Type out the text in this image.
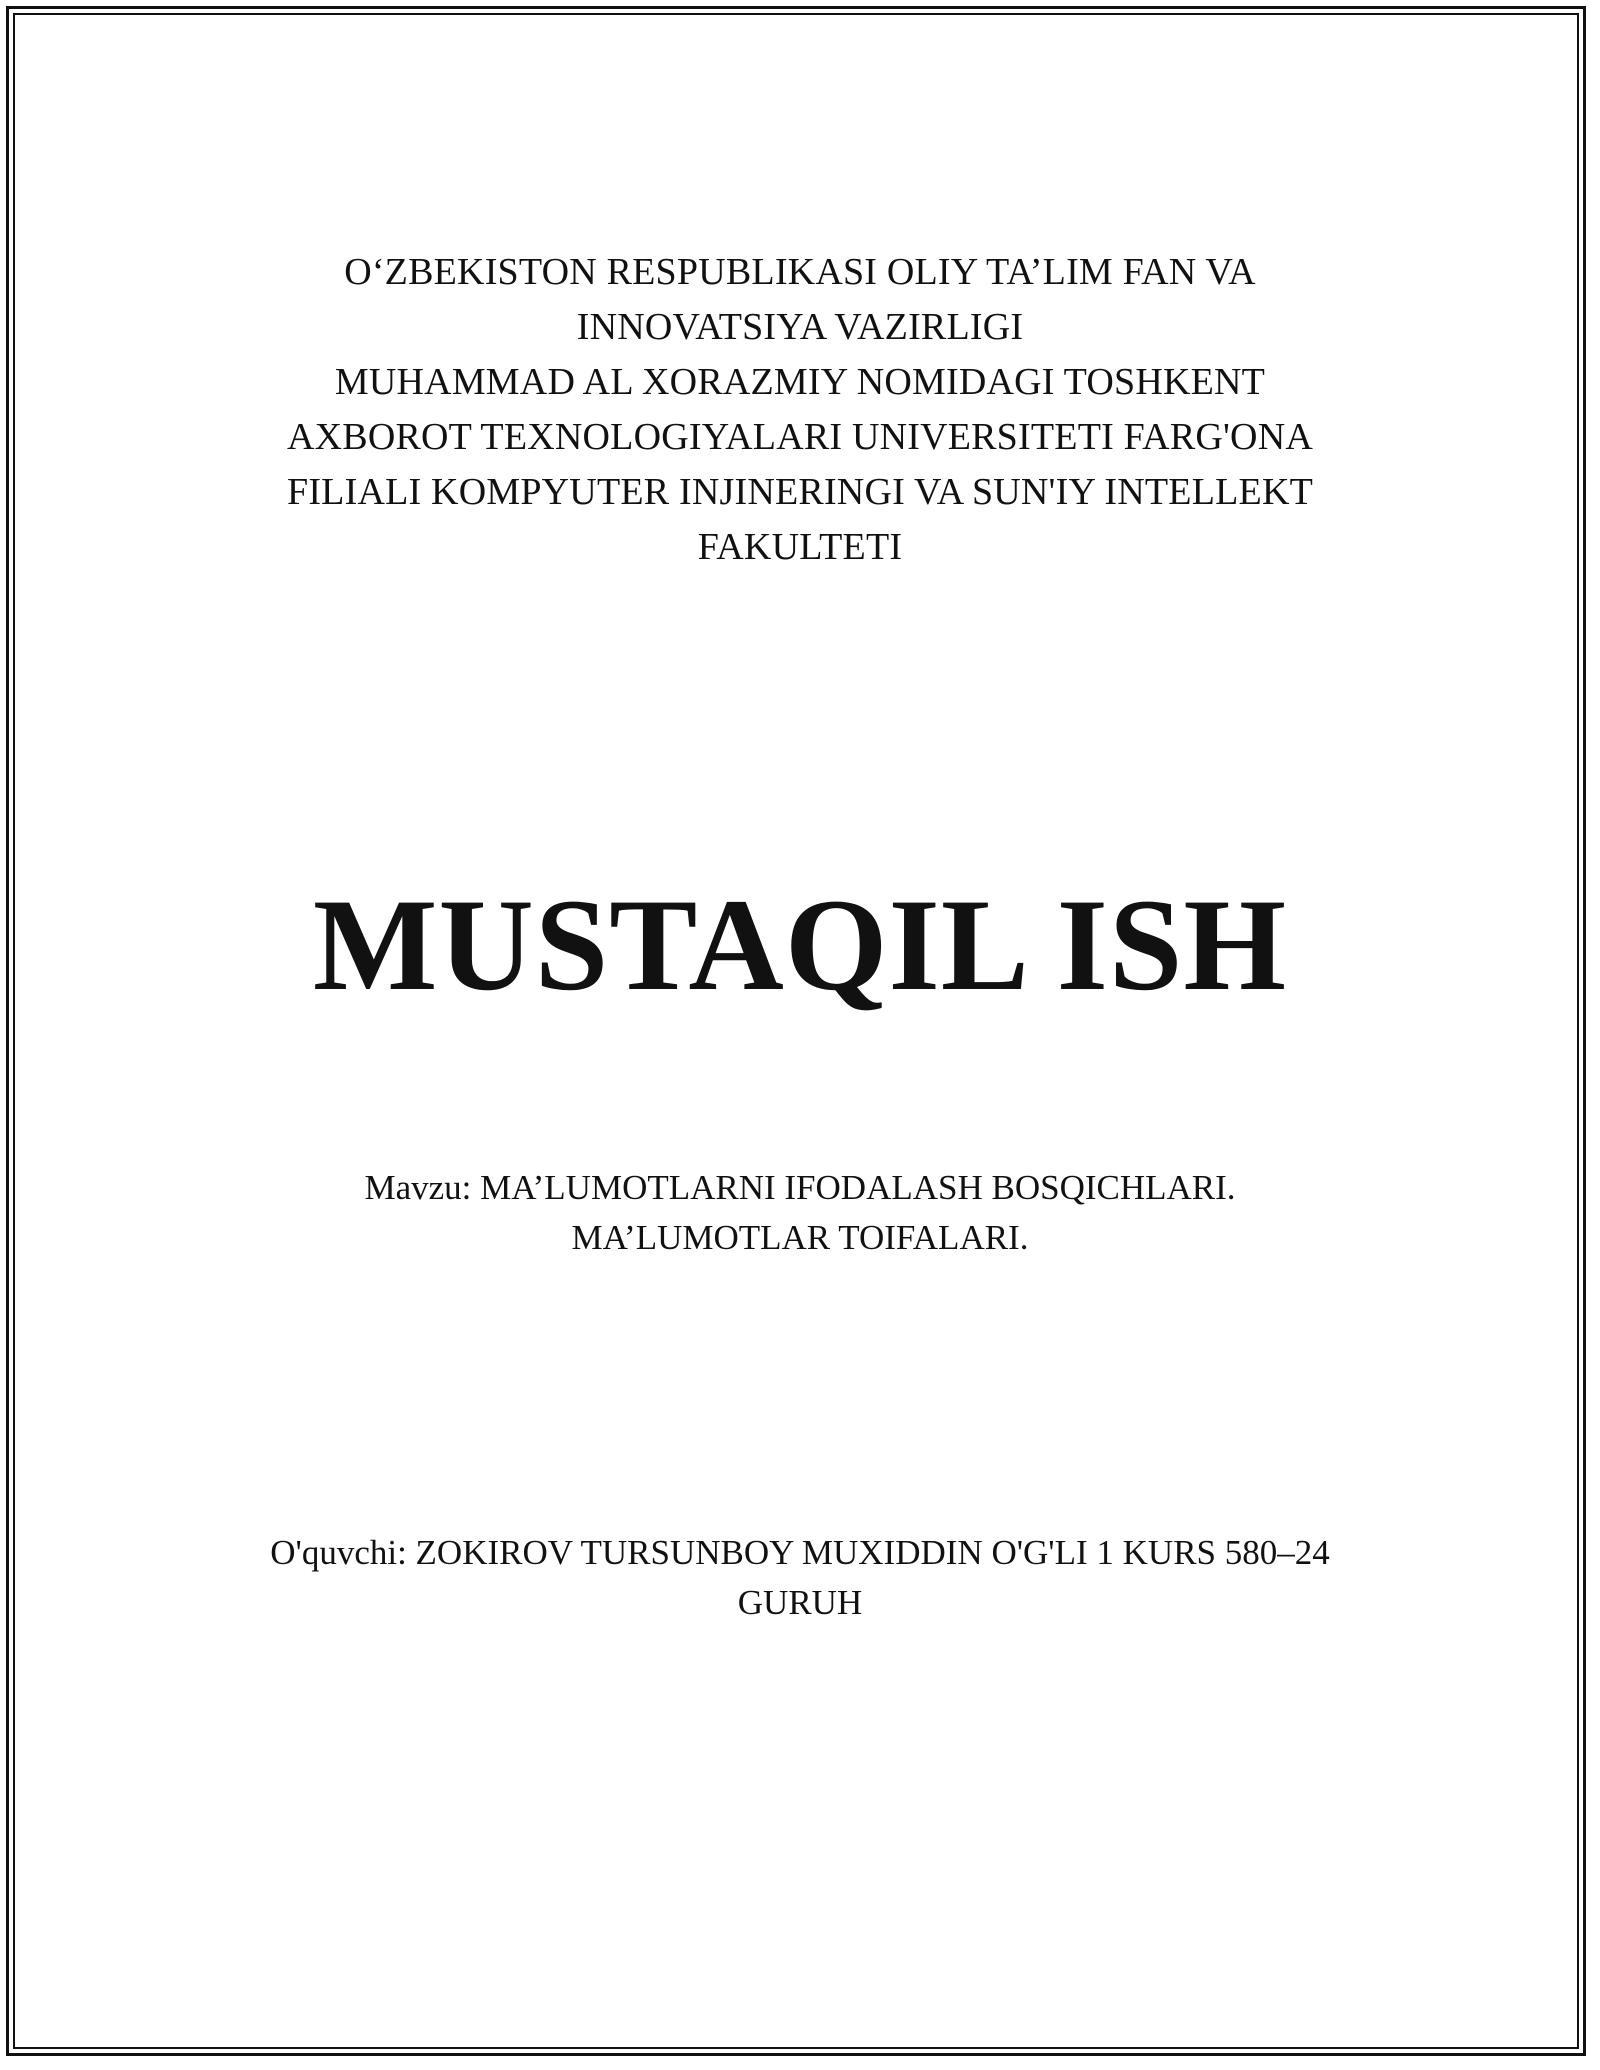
O‘ZBEKISTON RESPUBLIKASI OLIY TA’LIM FAN VA
INNOVATSIYA VAZIRLIGI
MUHAMMAD AL XORAZMIY NOMIDAGI TOSHKENT
AXBOROT TEXNOLOGIYALARI UNIVERSITETI FARG'ONA
FILIALI KOMPYUTER INJINERINGI VA SUN'IY INTELLEKT
FAKULTETI
MUSTAQIL ISH
Mavzu: MA’LUMOTLARNI IFODALASH BOSQICHLARI.
MA’LUMOTLAR TOIFALARI.
O'quvchi: ZOKIROV TURSUNBOY MUXIDDIN O'G'LI 1 KURS 580–24
GURUH
